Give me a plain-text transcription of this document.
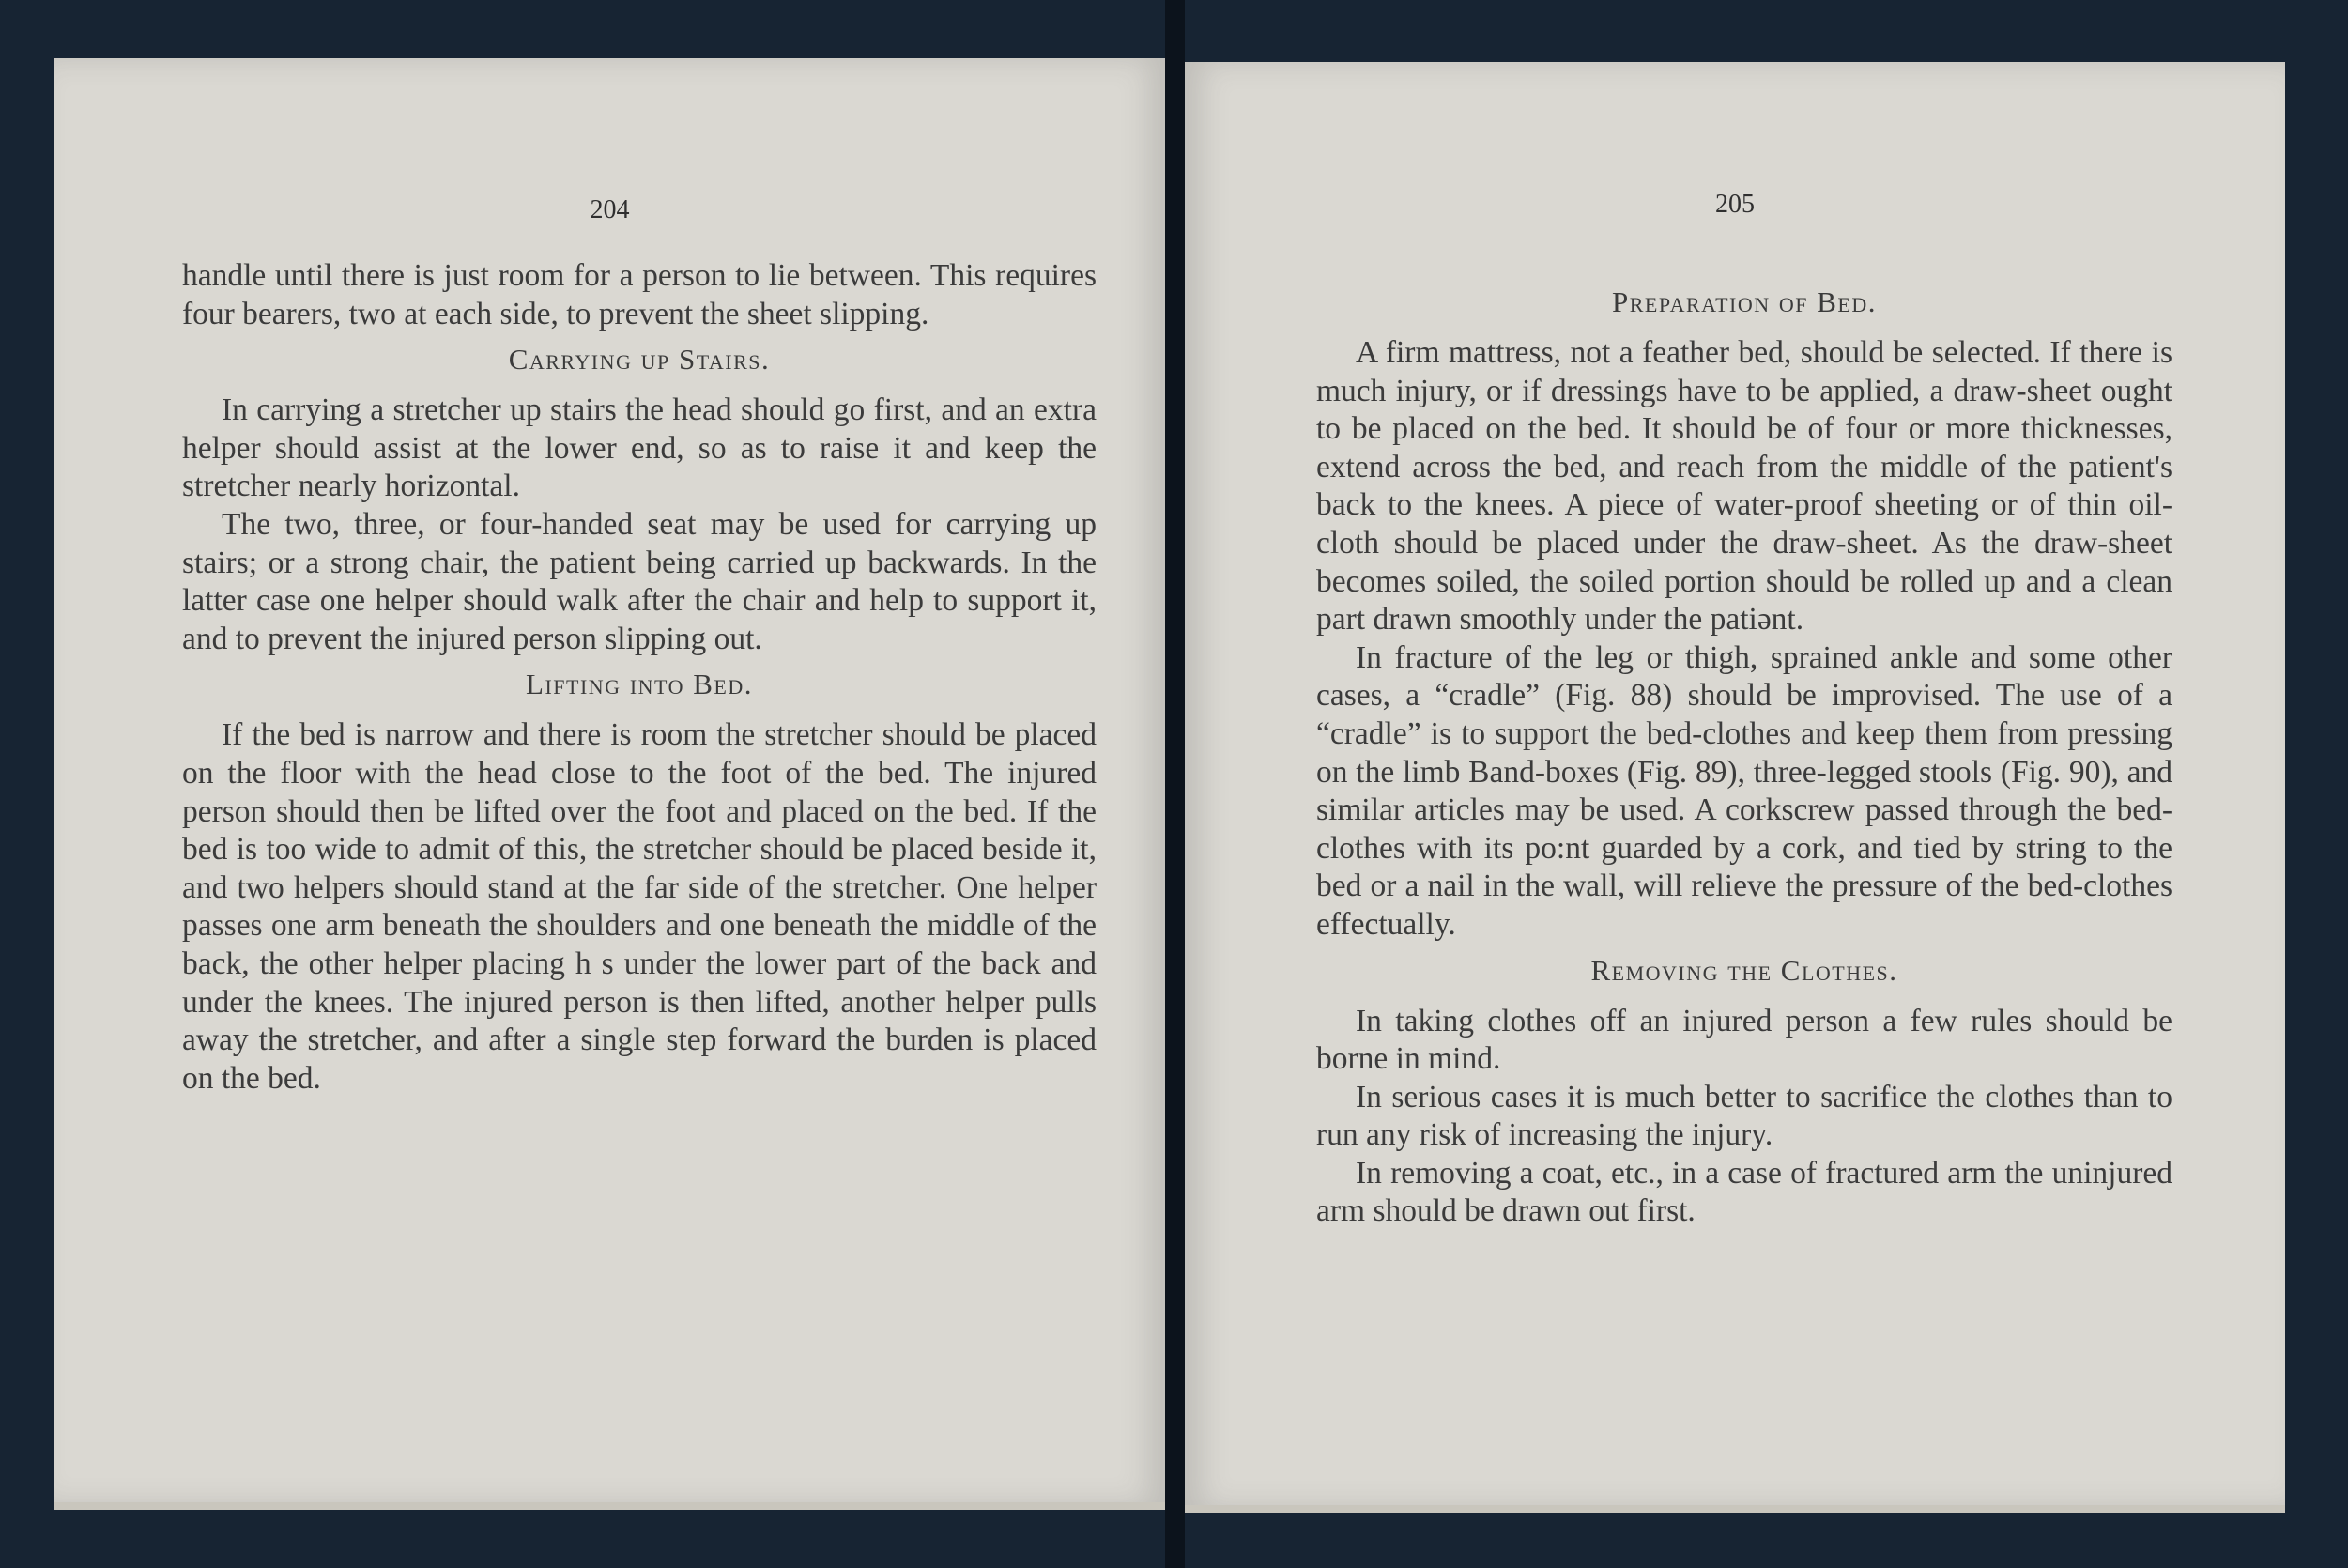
204

handle until there is just room for a person to lie between. This requires four bearers, two at each side, to prevent the sheet slipping.

Carrying up Stairs.

In carrying a stretcher up stairs the head should go first, and an extra helper should assist at the lower end, so as to raise it and keep the stretcher nearly horizontal.

The two, three, or four-handed seat may be used for carrying up stairs; or a strong chair, the patient being carried up backwards. In the latter case one helper should walk after the chair and help to support it, and to prevent the injured person slipping out.

Lifting into Bed.

If the bed is narrow and there is room the stretcher should be placed on the floor with the head close to the foot of the bed. The injured person should then be lifted over the foot and placed on the bed. If the bed is too wide to admit of this, the stretcher should be placed beside it, and two helpers should stand at the far side of the stretcher. One helper passes one arm beneath the shoulders and one beneath the middle of the back, the other helper placing h s under the lower part of the back and under the knees. The injured person is then lifted, another helper pulls away the stretcher, and after a single step forward the burden is placed on the bed.

205
Preparation of Bed.

A firm mattress, not a feather bed, should be selected. If there is much injury, or if dressings have to be applied, a draw-sheet ought to be placed on the bed. It should be of four or more thicknesses, extend across the bed, and reach from the middle of the patient's back to the knees. A piece of water-proof sheeting or of thin oil-cloth should be placed under the draw-sheet. As the draw-sheet becomes soiled, the soiled portion should be rolled up and a clean part drawn smoothly under the patiənt.

In fracture of the leg or thigh, sprained ankle and some other cases, a “cradle” (Fig. 88) should be improvised. The use of a “cradle” is to support the bed-clothes and keep them from pressing on the limb Band-boxes (Fig. 89), three-legged stools (Fig. 90), and similar articles may be used. A corkscrew passed through the bed-clothes with its po:nt guarded by a cork, and tied by string to the bed or a nail in the wall, will relieve the pressure of the bed-clothes effectually.

Removing the Clothes.

In taking clothes off an injured person a few rules should be borne in mind.

In serious cases it is much better to sacrifice the clothes than to run any risk of increasing the injury.

In removing a coat, etc., in a case of fractured arm the uninjured arm should be drawn out first.
